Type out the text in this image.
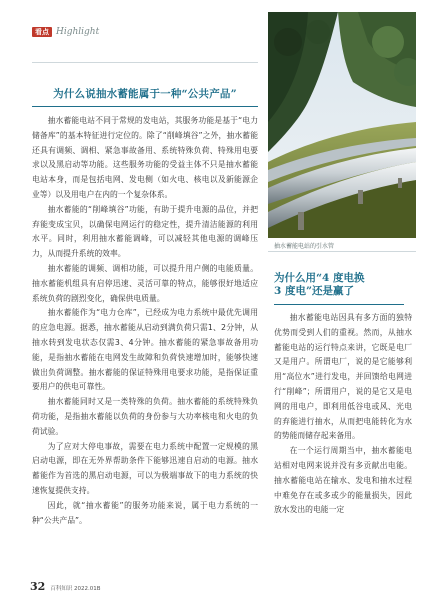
看点 Highlight
为什么说抽水蓄能属于一种“公共产品”

抽水蓄能电站不同于常规的发电站，其服务功能是基于“电力储备库”的基本特征进行定位的。除了“削峰填谷”之外，抽水蓄能还具有调频、调相、紧急事故备用、系统特殊负荷、特殊用电要求以及黑启动等功能。这些服务功能的受益主体不只是抽水蓄能电站本身，而是包括电网、发电侧（如火电、核电以及新能源企业等）以及用电户在内的一个复杂体系。

抽水蓄能的“削峰填谷”功能，有助于提升电源的品位，并把弃能变成宝贝，以确保电网运行的稳定性，提升清洁能源的利用水平。同时，利用抽水蓄能调峰，可以减轻其他电源的调峰压力，从而提升系统的效率。

抽水蓄能的调频、调相功能，可以提升用户侧的电能质量。抽水蓄能机组具有启停迅速、灵活可靠的特点，能够很好地适应系统负荷的剧烈变化，确保供电质量。

抽水蓄能作为“电力仓库”，已经成为电力系统中最优先调用的应急电源。据悉，抽水蓄能从启动到满负荷只需1、2分钟，从抽水转到发电状态仅需3、4分钟。抽水蓄能的紧急事故备用功能，是指抽水蓄能在电网发生故障和负荷快速增加时，能够快速做出负荷调整。抽水蓄能的保证特殊用电要求功能，是指保证重要用户的供电可靠性。

抽水蓄能同时又是一类特殊的负荷。抽水蓄能的系统特殊负荷功能，是指抽水蓄能以负荷的身份参与大功率核电和火电的负荷试验。

为了应对大停电事故，需要在电力系统中配置一定规模的黑启动电源，即在无外界帮助条件下能够迅速自启动的电源。抽水蓄能作为首选的黑启动电源，可以为极端事故下的电力系统的快速恢复提供支持。

因此，就“抽水蓄能”的服务功能来说，属于电力系统的一种“公共产品”。

抽水蓄能电站的引水管
为什么用“4 度电换
3 度电”还是赢了

抽水蓄能电站因具有多方面的独特优势而受到人们的重视。然而，从抽水蓄能电站的运行特点来讲，它既是电厂又是用户。所谓电厂，说的是它能够利用“高位水”进行发电，并回馈给电网进行“削峰”；所谓用户，说的是它又是电网的用电户，即利用低谷电或风、光电的弃能进行抽水，从而把电能转化为水的势能而储存起来备用。

在一个运行周期当中，抽水蓄能电站相对电网来说并没有多贡献出电能。抽水蓄能电站在输水、发电和抽水过程中难免存在或多或少的能量损失，因此放水发出的电能一定

32 百科知识 2022.01B
